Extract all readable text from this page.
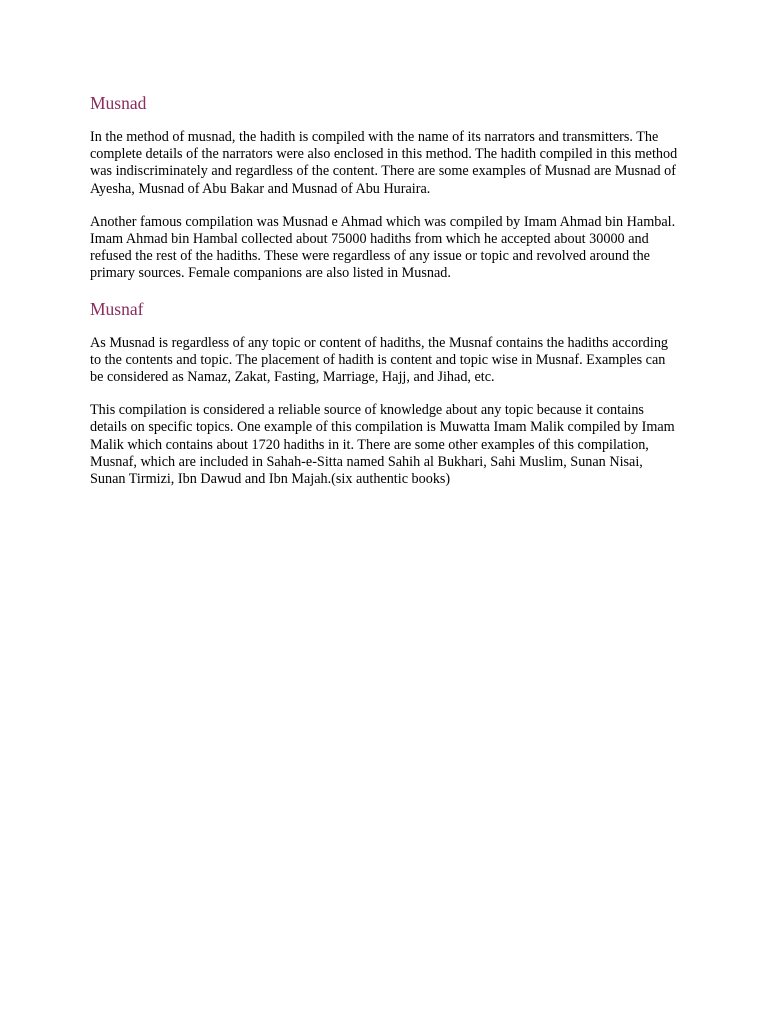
Musnad

In the method of musnad, the hadith is compiled with the name of its narrators and transmitters. The complete details of the narrators were also enclosed in this method. The hadith compiled in this method was indiscriminately and regardless of the content. There are some examples of Musnad are Musnad of Ayesha, Musnad of Abu Bakar and Musnad of Abu Huraira.

Another famous compilation was Musnad e Ahmad which was compiled by Imam Ahmad bin Hambal. Imam Ahmad bin Hambal collected about 75000 hadiths from which he accepted about 30000 and refused the rest of the hadiths. These were regardless of any issue or topic and revolved around the primary sources. Female companions are also listed in Musnad.

Musnaf

As Musnad is regardless of any topic or content of hadiths, the Musnaf contains the hadiths according to the contents and topic. The placement of hadith is content and topic wise in Musnaf. Examples can be considered as Namaz, Zakat, Fasting, Marriage, Hajj, and Jihad, etc.

This compilation is considered a reliable source of knowledge about any topic because it contains details on specific topics. One example of this compilation is Muwatta Imam Malik compiled by Imam Malik which contains about 1720 hadiths in it. There are some other examples of this compilation, Musnaf, which are included in Sahah-e-Sitta named Sahih al Bukhari, Sahi Muslim, Sunan Nisai, Sunan Tirmizi, Ibn Dawud and Ibn Majah.(six authentic books)
